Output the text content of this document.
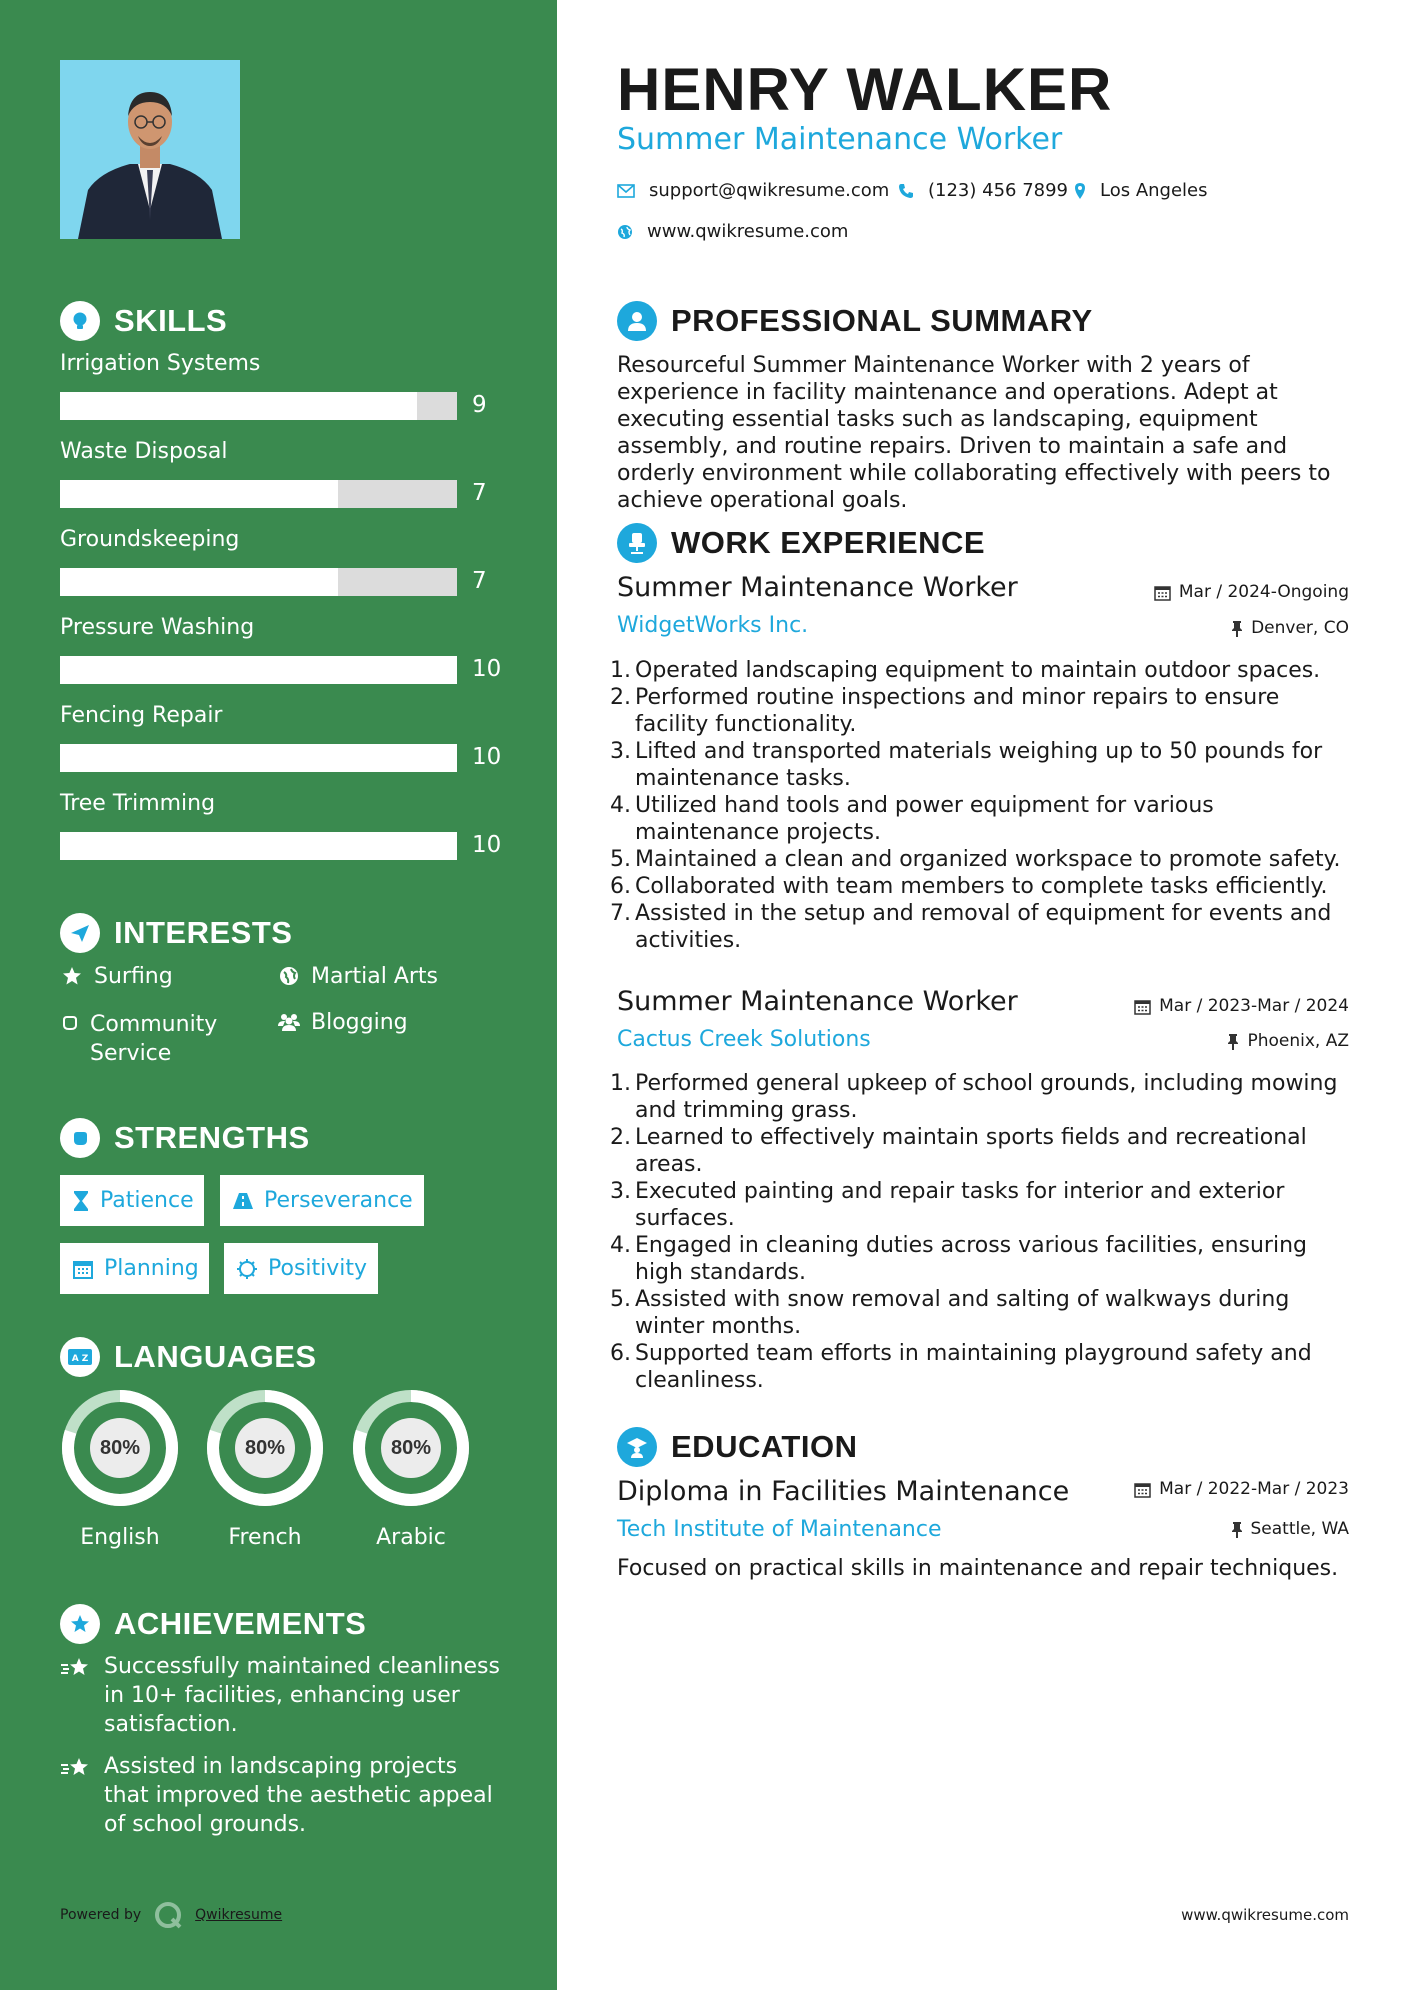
SKILLS
Irrigation Systems
9
Waste Disposal
7
Groundskeeping
7
Pressure Washing
10
Fencing Repair
10
Tree Trimming
10
INTERESTS
Surfing	Martial Arts
Community Service
Blogging
STRENGTHS
Patience	Perseverance
Planning	Positivity
A Z LANGUAGES
80%
English
80%
French
80%
Arabic
ACHIEVEMENTS
Successfully maintained cleanliness in 10+ facilities, enhancing user satisfaction.
Assisted in landscaping projects that improved the aesthetic appeal of school grounds.
Powered by	Qwikresume
HENRY WALKER
Summer Maintenance Worker
support@qwikresume.com (123) 456 7899 Los Angeles
www.qwikresume.com
PROFESSIONAL SUMMARY
Resourceful Summer Maintenance Worker with 2 years of experience in facility maintenance and operations. Adept at executing essential tasks such as landscaping, equipment assembly, and routine repairs. Driven to maintain a safe and orderly environment while collaborating effectively with peers to achieve operational goals.
WORK EXPERIENCE
Summer Maintenance Worker	Mar / 2024-Ongoing
WidgetWorks Inc.	Denver, CO
1. Operated landscaping equipment to maintain outdoor spaces.
2. Performed routine inspections and minor repairs to ensure facility functionality.
3. Lifted and transported materials weighing up to 50 pounds for maintenance tasks.
4. Utilized hand tools and power equipment for various maintenance projects.
5. Maintained a clean and organized workspace to promote safety.
6. Collaborated with team members to complete tasks efficiently.
7. Assisted in the setup and removal of equipment for events and activities.
Summer Maintenance Worker	Mar / 2023-Mar / 2024
Cactus Creek Solutions	Phoenix, AZ
1. Performed general upkeep of school grounds, including mowing and trimming grass.
2. Learned to effectively maintain sports fields and recreational areas.
3. Executed painting and repair tasks for interior and exterior surfaces.
4. Engaged in cleaning duties across various facilities, ensuring high standards.
5. Assisted with snow removal and salting of walkways during winter months.
6. Supported team efforts in maintaining playground safety and cleanliness.
EDUCATION
Diploma in Facilities Maintenance	Mar / 2022-Mar / 2023
Tech Institute of Maintenance	Seattle, WA
Focused on practical skills in maintenance and repair techniques.
www.qwikresume.com
